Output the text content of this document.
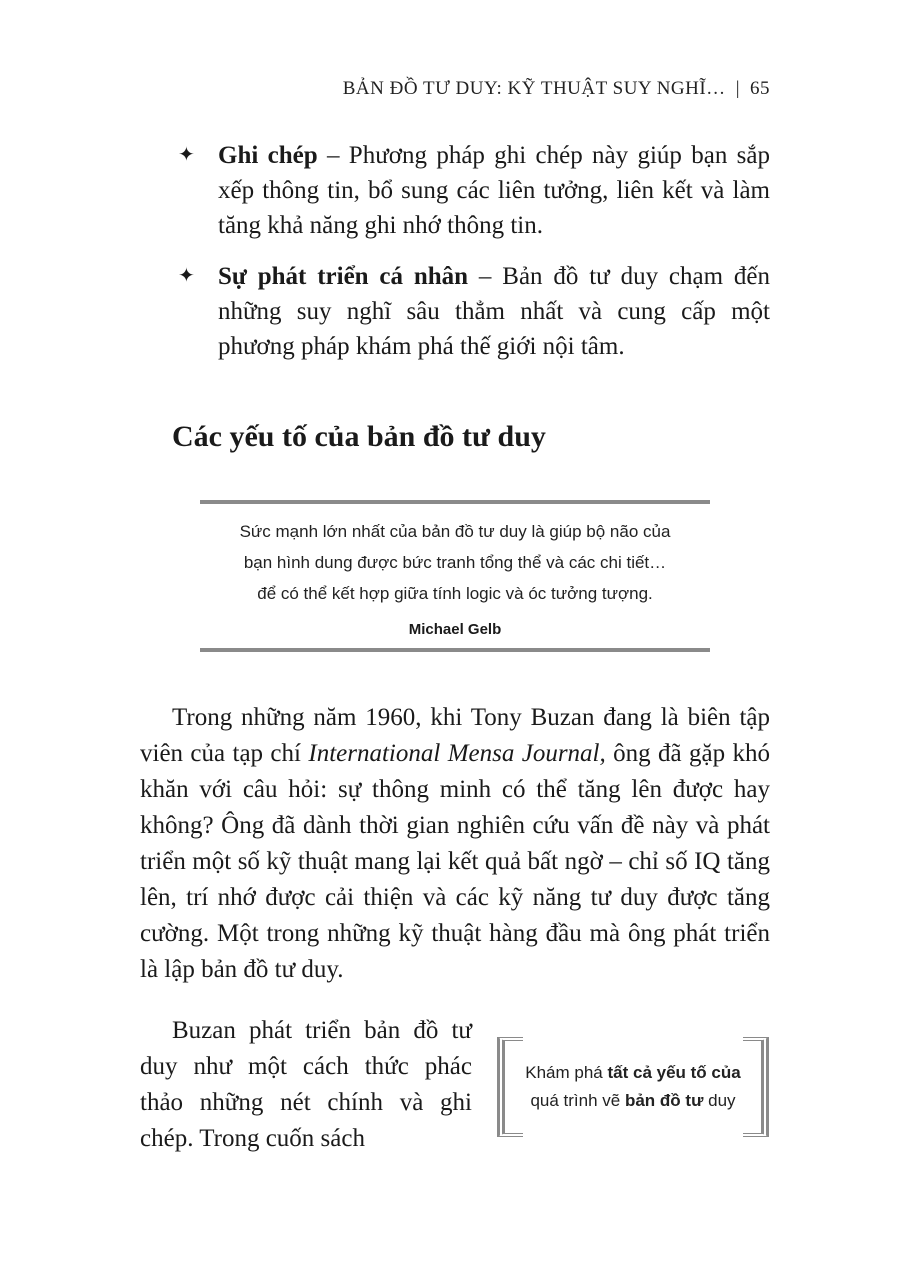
BẢN ĐỒ TƯ DUY: KỸ THUẬT SUY NGHĨ… | 65
✦ Ghi chép – Phương pháp ghi chép này giúp bạn sắp xếp thông tin, bổ sung các liên tưởng, liên kết và làm tăng khả năng ghi nhớ thông tin.
✦ Sự phát triển cá nhân – Bản đồ tư duy chạm đến những suy nghĩ sâu thẳm nhất và cung cấp một phương pháp khám phá thế giới nội tâm.
Các yếu tố của bản đồ tư duy
Sức mạnh lớn nhất của bản đồ tư duy là giúp bộ não của
bạn hình dung được bức tranh tổng thể và các chi tiết…
để có thể kết hợp giữa tính logic và óc tưởng tượng.
Michael Gelb

Trong những năm 1960, khi Tony Buzan đang là biên tập viên của tạp chí International Mensa Journal, ông đã gặp khó khăn với câu hỏi: sự thông minh có thể tăng lên được hay không? Ông đã dành thời gian nghiên cứu vấn đề này và phát triển một số kỹ thuật mang lại kết quả bất ngờ – chỉ số IQ tăng lên, trí nhớ được cải thiện và các kỹ năng tư duy được tăng cường. Một trong những kỹ thuật hàng đầu mà ông phát triển là lập bản đồ tư duy.

Buzan phát triển bản đồ tư duy như một cách thức phác thảo những nét chính và ghi chép. Trong cuốn sách

Khám phá tất cả yếu tố của
quá trình vẽ bản đồ tư duy
